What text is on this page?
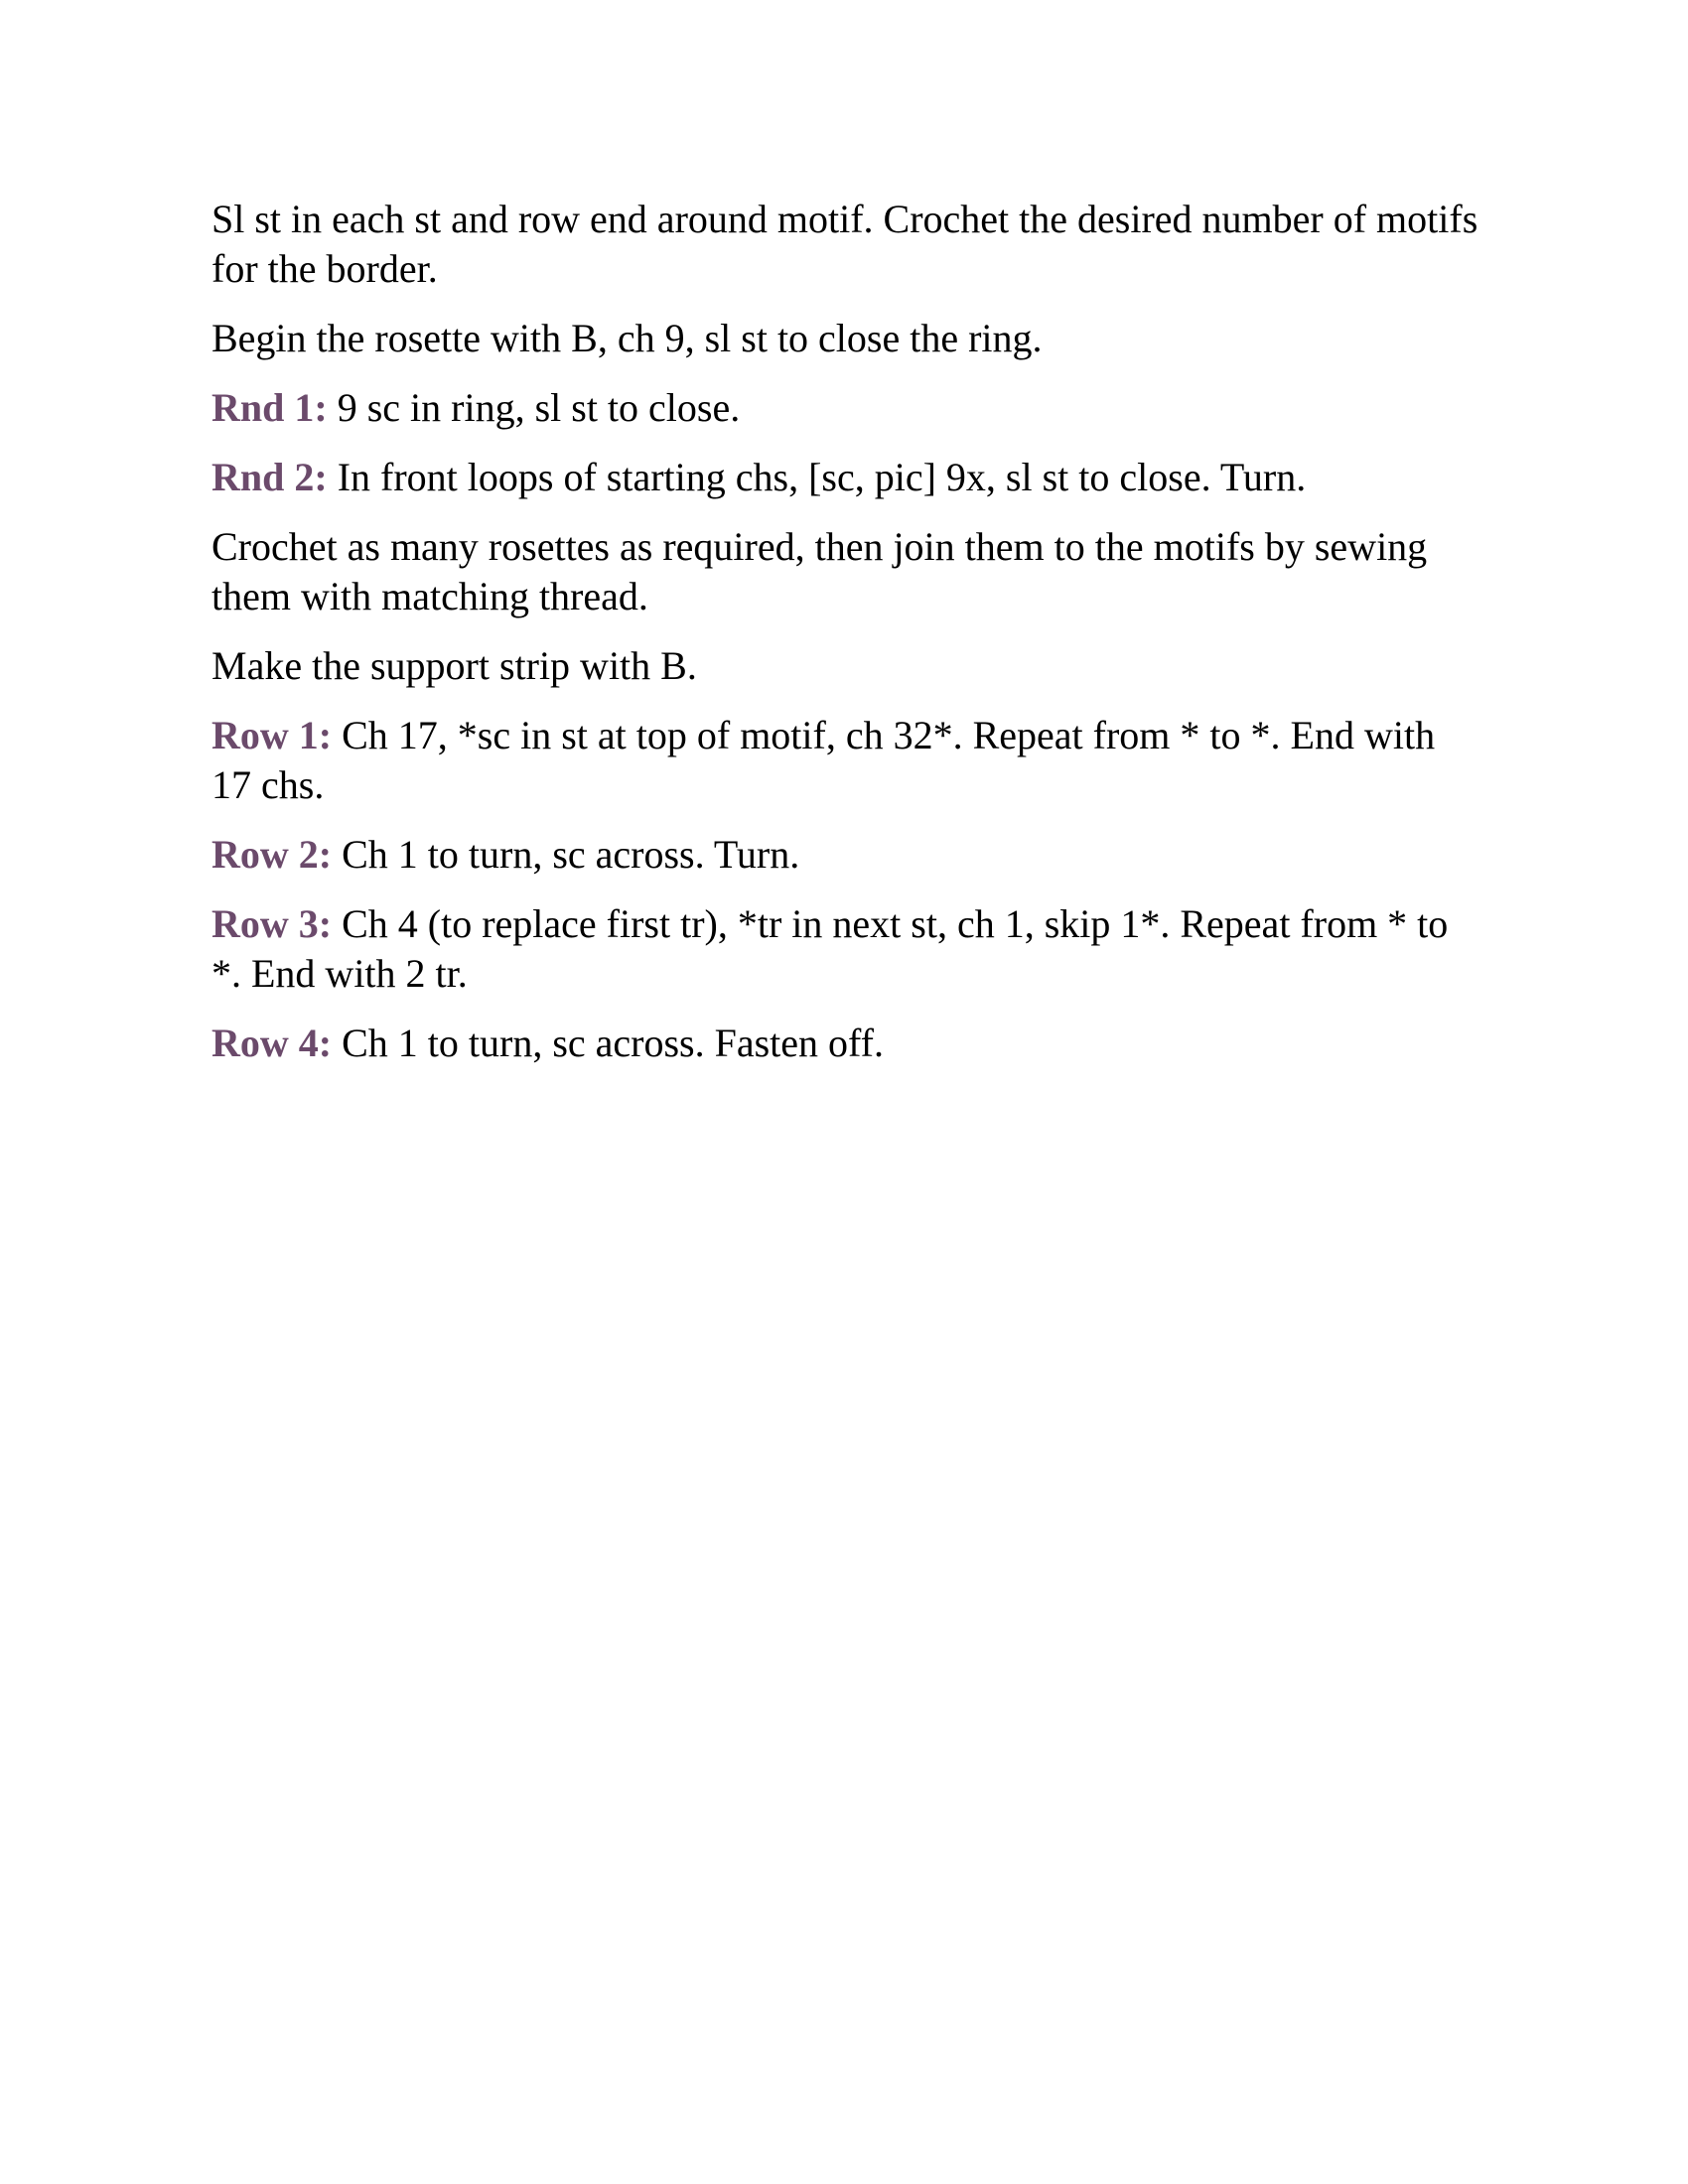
Sl st in each st and row end around motif. Crochet the desired number of motifs for the border.

Begin the rosette with B, ch 9, sl st to close the ring.

Rnd 1: 9 sc in ring, sl st to close.

Rnd 2: In front loops of starting chs, [sc, pic] 9x, sl st to close. Turn.

Crochet as many rosettes as required, then join them to the motifs by sewing them with matching thread.

Make the support strip with B.

Row 1: Ch 17, *sc in st at top of motif, ch 32*. Repeat from * to *. End with 17 chs.

Row 2: Ch 1 to turn, sc across. Turn.

Row 3: Ch 4 (to replace first tr), *tr in next st, ch 1, skip 1*. Repeat from * to *. End with 2 tr.

Row 4: Ch 1 to turn, sc across. Fasten off.
